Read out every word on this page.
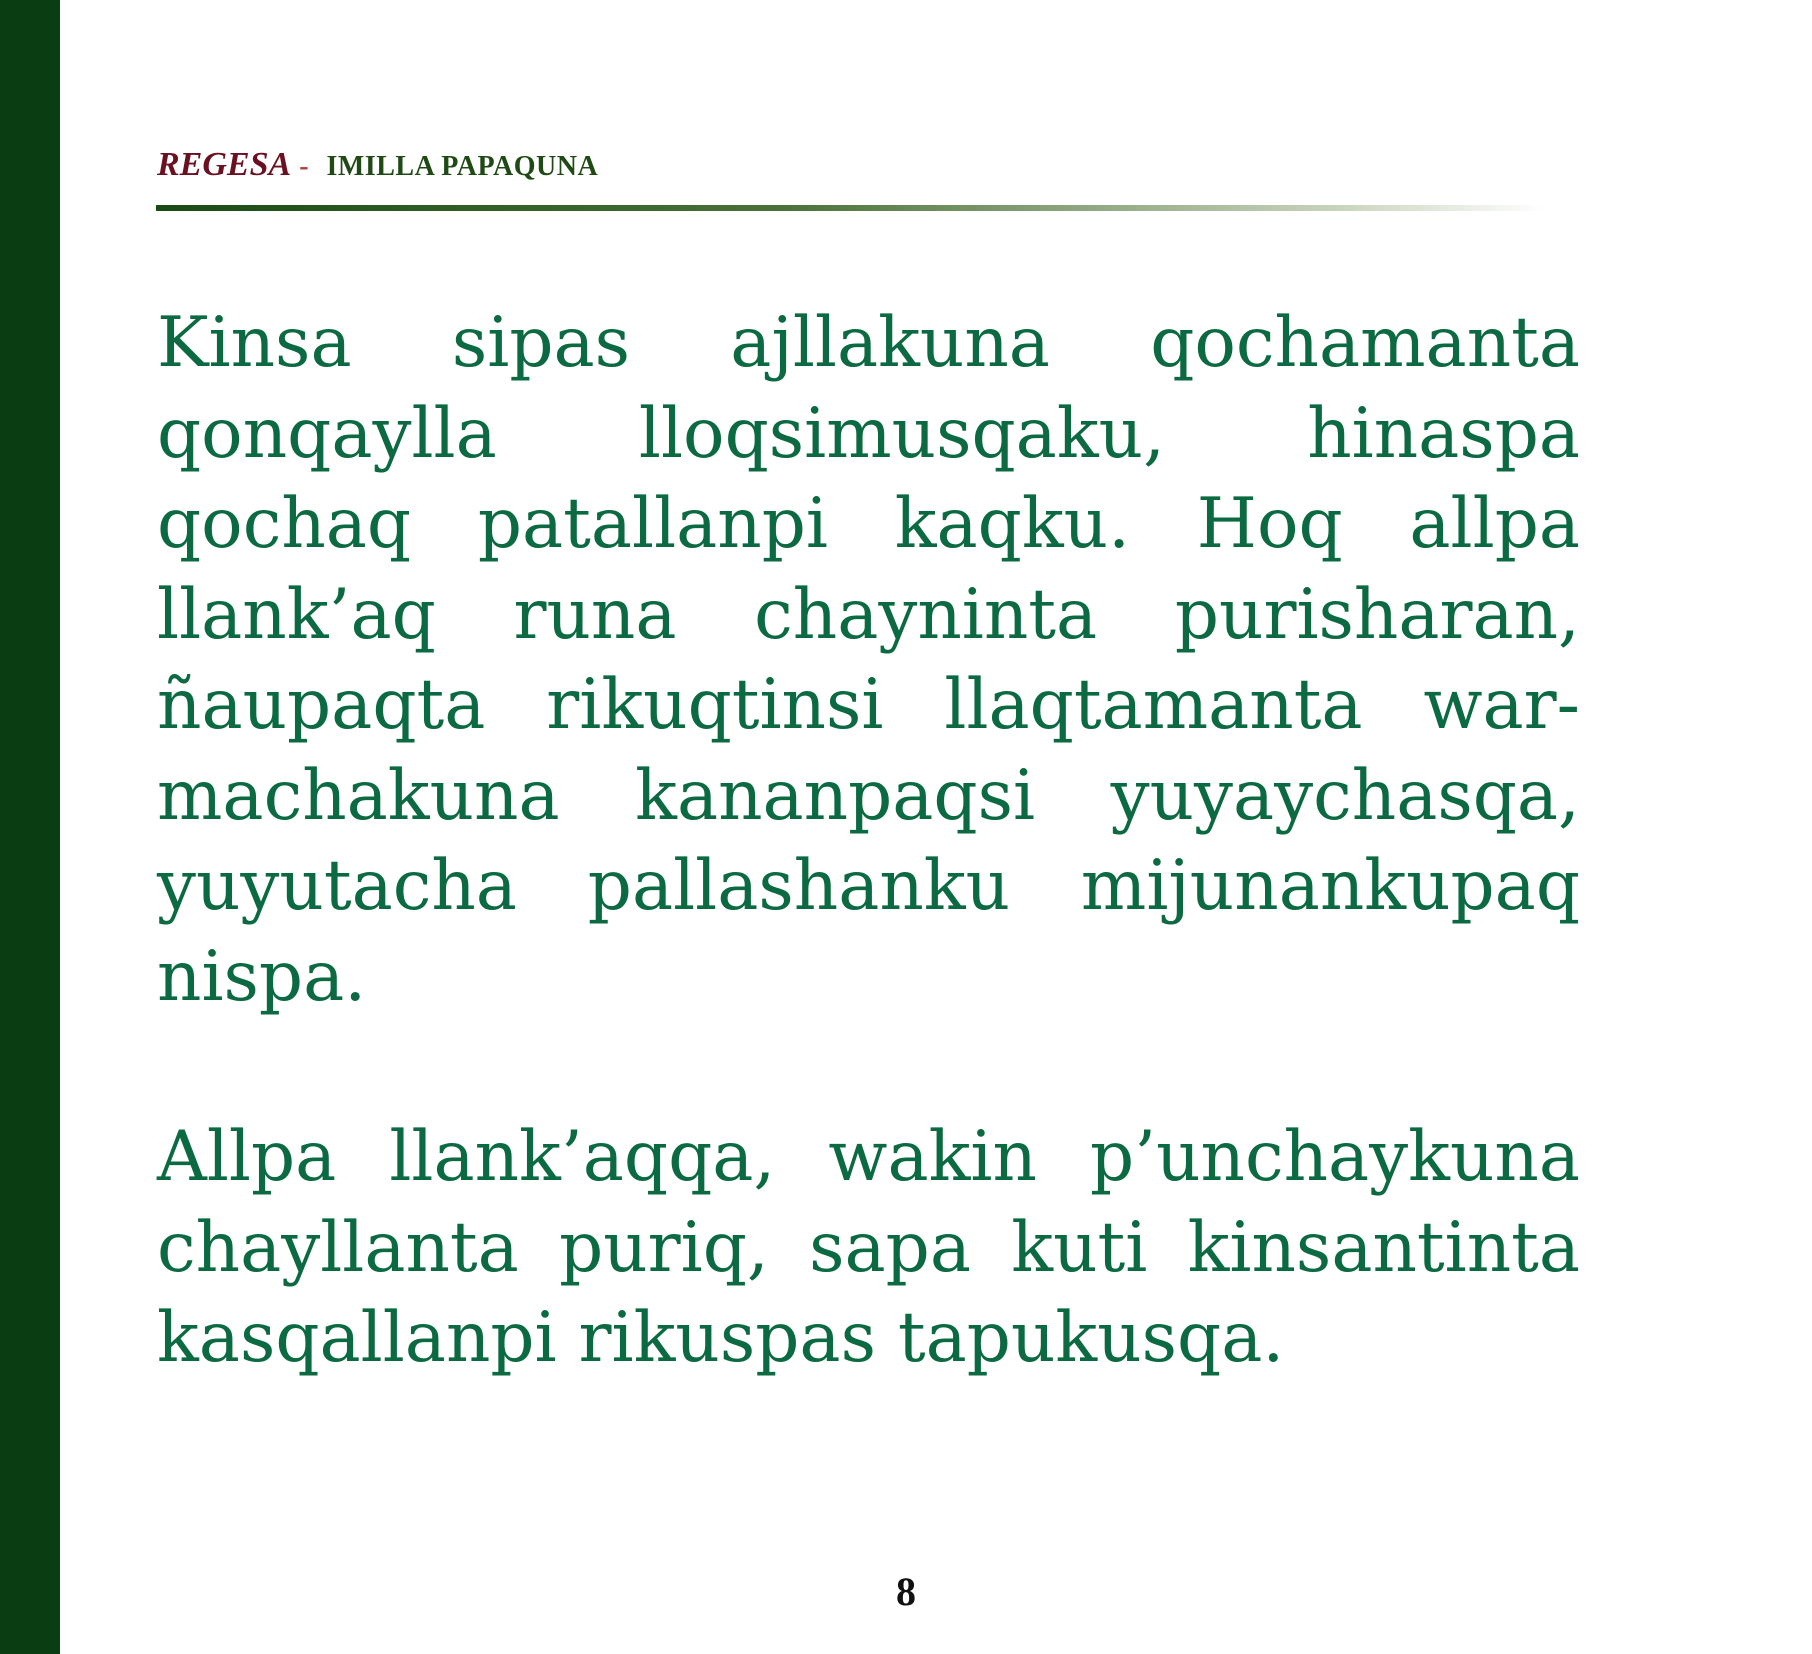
REGESA - IMILLA PAPAQUNA

Kinsa sipas ajllakuna qochamanta qonqaylla lloqsimusqaku, hinaspa qochaq patallanpi kaqku. Hoq allpa llank’aq runa chayninta purisharan, ñaupaqta rikuqtinsi llaqtamanta warmachakuna kananpaqsi yuyaychasqa, yuyutacha pallashanku mijunankupaq nispa.

Allpa llank’aqqa, wakin p’unchaykuna chayllanta puriq, sapa kuti kinsantinta kasqallanpi rikuspas tapukusqa.

8
